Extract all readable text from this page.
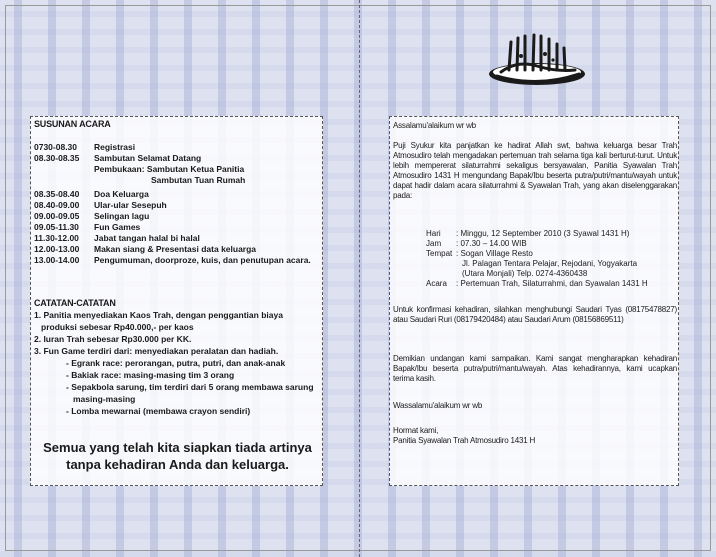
SUSUNAN ACARA
0730-08.30 Registrasi
08.30-08.35 Sambutan Selamat Datang
Pembukaan: Sambutan Ketua Panitia
Sambutan Tuan Rumah
08.35-08.40 Doa Keluarga
08.40-09.00 Ular-ular Sesepuh
09.00-09.05 Selingan lagu
09.05-11.30 Fun Games
11.30-12.00 Jabat tangan halal bi halal
12.00-13.00 Makan siang & Presentasi data keluarga
13.00-14.00 Pengumuman, doorproze, kuis, dan penutupan acara.
CATATAN-CATATAN
1. Panitia menyediakan Kaos Trah, dengan penggantian biaya
produksi sebesar Rp40.000,- per kaos
2. Iuran Trah sebesar Rp30.000 per KK.
3. Fun Game terdiri dari: menyediakan peralatan dan hadiah.
- Egrank race: perorangan, putra, putri, dan anak-anak
- Bakiak race: masing-masing tim 3 orang
- Sepakbola sarung, tim terdiri dari 5 orang membawa sarung
masing-masing
- Lomba mewarnai (membawa crayon sendiri)
Semua yang telah kita siapkan tiada artinya
tanpa kehadiran Anda dan keluarga.
Assalamu'alaikum wr wb
Puji Syukur kita panjatkan ke hadirat Allah swt, bahwa keluarga besar Trah Atmosudiro telah mengadakan pertemuan trah selama tiga kali berturut-turut. Untuk lebih mempererat silaturrahmi sekaligus bersyawalan, Panitia Syawalan Trah Atmosudiro 1431 H mengundang Bapak/Ibu beserta putra/putri/mantu/wayah untuk dapat hadir dalam acara silaturrahmi & Syawalan Trah, yang akan diselenggarakan pada:
Hari : Minggu, 12 September 2010 (3 Syawal 1431 H)
Jam : 07.30 – 14.00 WIB
Tempat : Sogan Village Resto
Jl. Palagan Tentara Pelajar, Rejodani, Yogyakarta
(Utara Monjali) Telp. 0274-4360438
Acara : Pertemuan Trah, Silaturrahmi, dan Syawalan 1431 H
Untuk konfirmasi kehadiran, silahkan menghubungi Saudari Tyas (08175478827) atau Saudari Ruri (08179420484) atau Saudari Arum (08156869511)
Demikian undangan kami sampaikan. Kami sangat mengharapkan kehadiran Bapak/Ibu beserta putra/putri/mantu/wayah. Atas kehadirannya, kami ucapkan terima kasih.
Wassalamu'alaikum wr wb
Hormat kami,
Panitia Syawalan Trah Atmosudiro 1431 H
